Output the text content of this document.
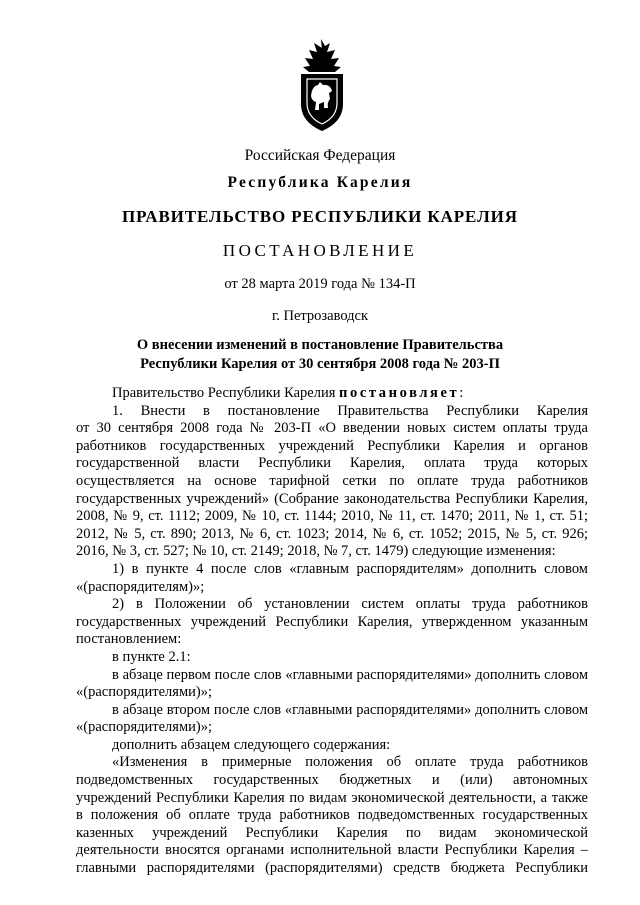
Российская Федерация
Республика Карелия
ПРАВИТЕЛЬСТВО РЕСПУБЛИКИ КАРЕЛИЯ
ПОСТАНОВЛЕНИЕ
от 28 марта 2019 года № 134-П
г. Петрозаводск
О внесении изменений в постановление Правительства
Республики Карелия от 30 сентября 2008 года № 203-П

Правительство Республики Карелия постановляет:

1. Внести в постановление Правительства Республики Карелия

от 30 сентября 2008 года № 203-П «О введении новых систем оплаты труда

работников государственных учреждений Республики Карелия и органов

государственной власти Республики Карелия, оплата труда которых

осуществляется на основе тарифной сетки по оплате труда работников

государственных учреждений» (Собрание законодательства Республики Карелия,

2008, № 9, ст. 1112; 2009, № 10, ст. 1144; 2010, № 11, ст. 1470; 2011, № 1, ст. 51;

2012, № 5, ст. 890; 2013, № 6, ст. 1023; 2014, № 6, ст. 1052; 2015, № 5, ст. 926;

2016, № 3, ст. 527; № 10, ст. 2149; 2018, № 7, ст. 1479) следующие изменения:

1) в пункте 4 после слов «главным распорядителям» дополнить словом

«(распорядителям)»;

2) в Положении об установлении систем оплаты труда работников

государственных учреждений Республики Карелия, утвержденном указанным

постановлением:

в пункте 2.1:

в абзаце первом после слов «главными распорядителями» дополнить словом

«(распорядителями)»;

в абзаце втором после слов «главными распорядителями» дополнить словом

«(распорядителями)»;

дополнить абзацем следующего содержания:

«Изменения в примерные положения об оплате труда работников

подведомственных государственных бюджетных и (или) автономных

учреждений Республики Карелия по видам экономической деятельности, а также

в положения об оплате труда работников подведомственных государственных

казенных учреждений Республики Карелия по видам экономической

деятельности вносятся органами исполнительной власти Республики Карелия –

главными распорядителями (распорядителями) средств бюджета Республики
